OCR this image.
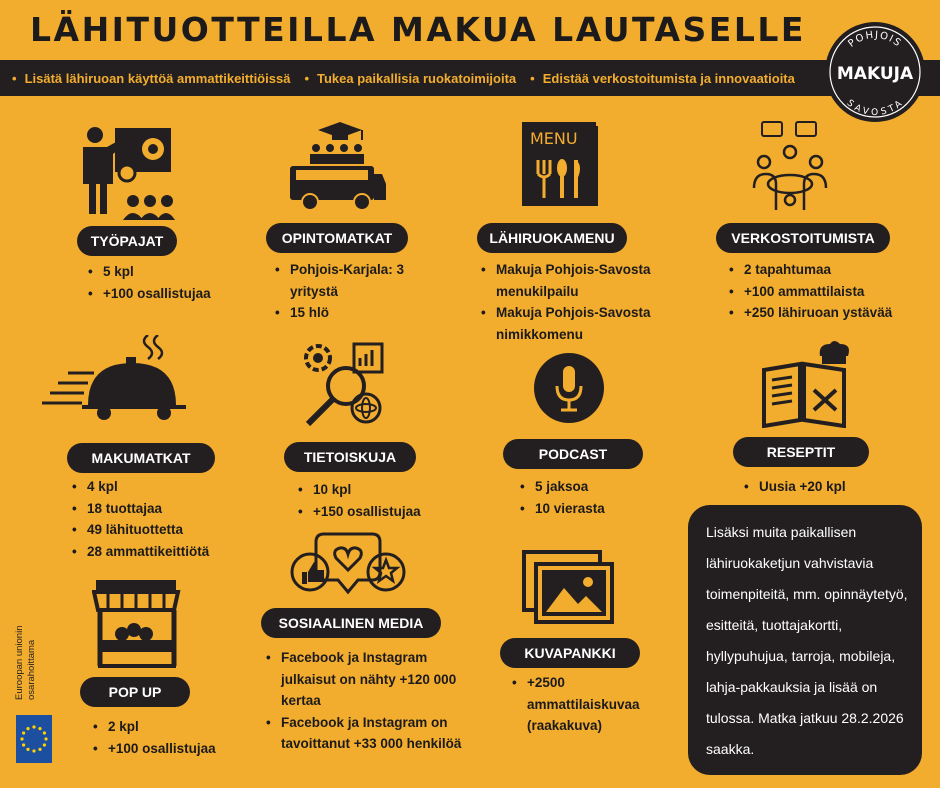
LÄHITUOTTEILLA MAKUA LAUTASELLE
• Lisätä lähiruoan käyttöä ammattikeittiöissä	• Tukea paikallisia ruokatoimijoita	• Edistää verkostoitumista ja innovaatioita
POHJOIS
MAKUJA
SAVOSTA
MENU
TYÖPAJAT	OPINTOMATKAT	LÄHIRUOKAMENU	VERKOSTOITUMISTA
MAKUMATKAT	TIETOISKUJA	PODCAST	RESEPTIT
POP UP
SOSIAALINEN MEDIA
KUVAPANKKI
• 5 kpl
• +100 osallistujaa
• Pohjois-Karjala: 3 yritystä
• 15 hlö
• Makuja Pohjois-Savosta menukilpailu
• Makuja Pohjois-Savosta nimikkomenu
• 2 tapahtumaa
• +100 ammattilaista
• +250 lähiruoan ystävää
• 4 kpl
• 18 tuottajaa
• 49 lähituottetta
• 28 ammattikeittiötä
• 10 kpl
• +150 osallistujaa
• 5 jaksoa
• 10 vierasta
• Uusia +20 kpl
• 2 kpl
• +100 osallistujaa
• Facebook ja Instagram julkaisut on nähty +120 000 kertaa
• Facebook ja Instagram on tavoittanut +33 000 henkilöä
• +2500 ammattilaiskuvaa (raakakuva)
Lisäksi muita paikallisen lähiruokaketjun vahvistavia toimenpiteitä, mm. opinnäytetyö, esitteitä, tuottajakortti, hyllypuhujua, tarroja, mobileja, lahja-pakkauksia ja lisää on tulossa. Matka jatkuu 28.2.2026 saakka.
Euroopan unionin osarahoittama
